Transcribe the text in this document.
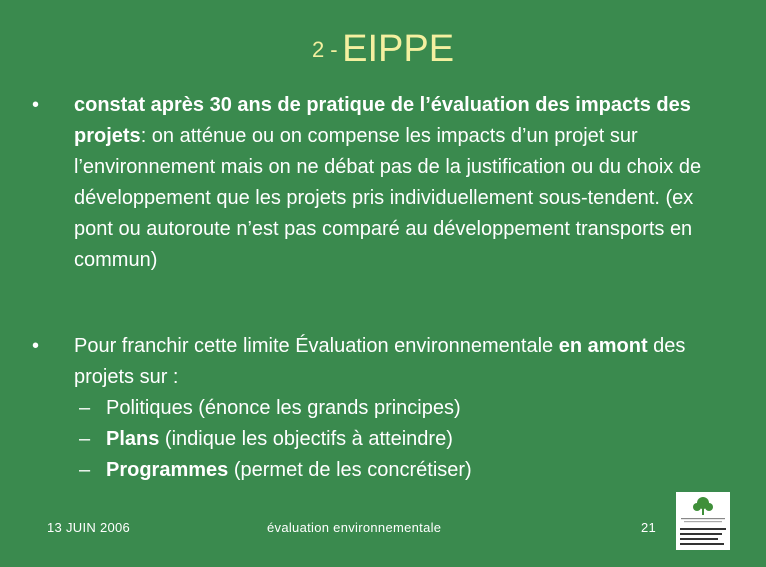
2 - EIPPE
• constat après 30 ans de pratique de l’évaluation des impacts des projets: on atténue ou on compense les impacts d’un projet sur l’environnement mais on ne débat pas de la justification ou du choix de développement que les projets pris individuellement sous-tendent. (ex pont ou autoroute n’est pas comparé au développement transports en commun)
• Pour franchir cette limite Évaluation environnementale en amont des projets sur :
– Politiques (énonce les grands principes)
– Plans (indique les objectifs à atteindre)
– Programmes (permet de les concrétiser)
13 JUIN 2006	évaluation environnementale	21
